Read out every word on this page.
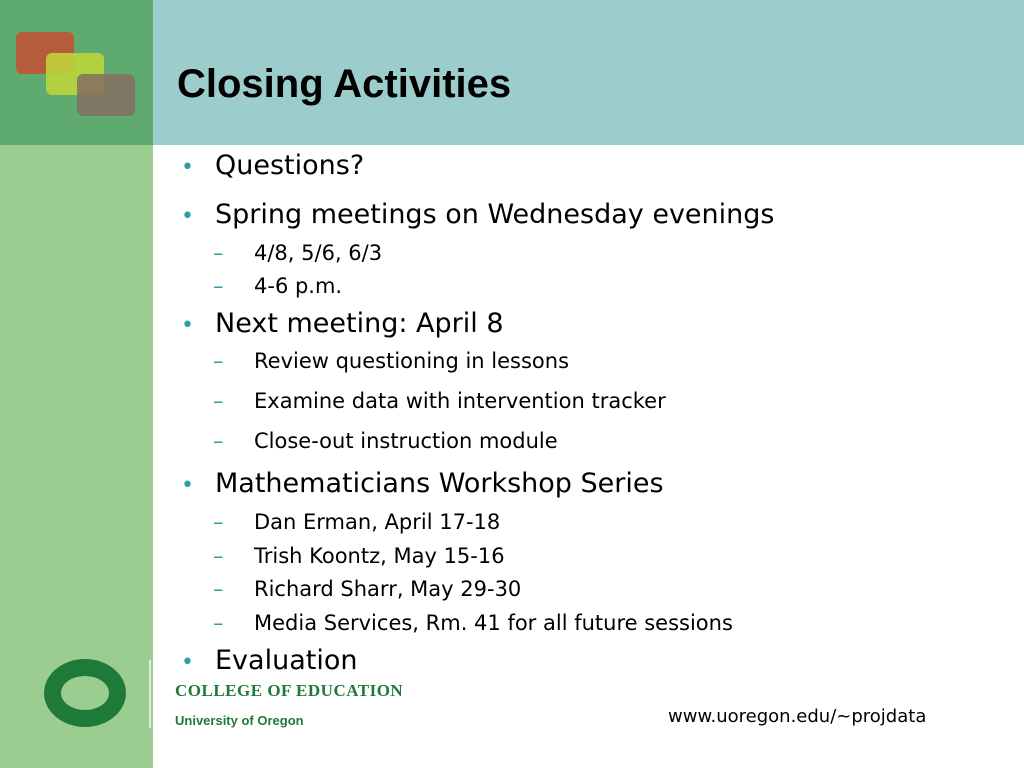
Closing Activities
• Questions?
• Spring meetings on Wednesday evenings
– 4/8, 5/6, 6/3
– 4-6 p.m.
• Next meeting: April 8
– Review questioning in lessons
– Examine data with intervention tracker
– Close-out instruction module
• Mathematicians Workshop Series
– Dan Erman, April 17-18
– Trish Koontz, May 15-16
– Richard Sharr, May 29-30
– Media Services, Rm. 41 for all future sessions
• Evaluation
COLLEGE OF EDUCATION
University of Oregon	www.uoregon.edu/~projdata
